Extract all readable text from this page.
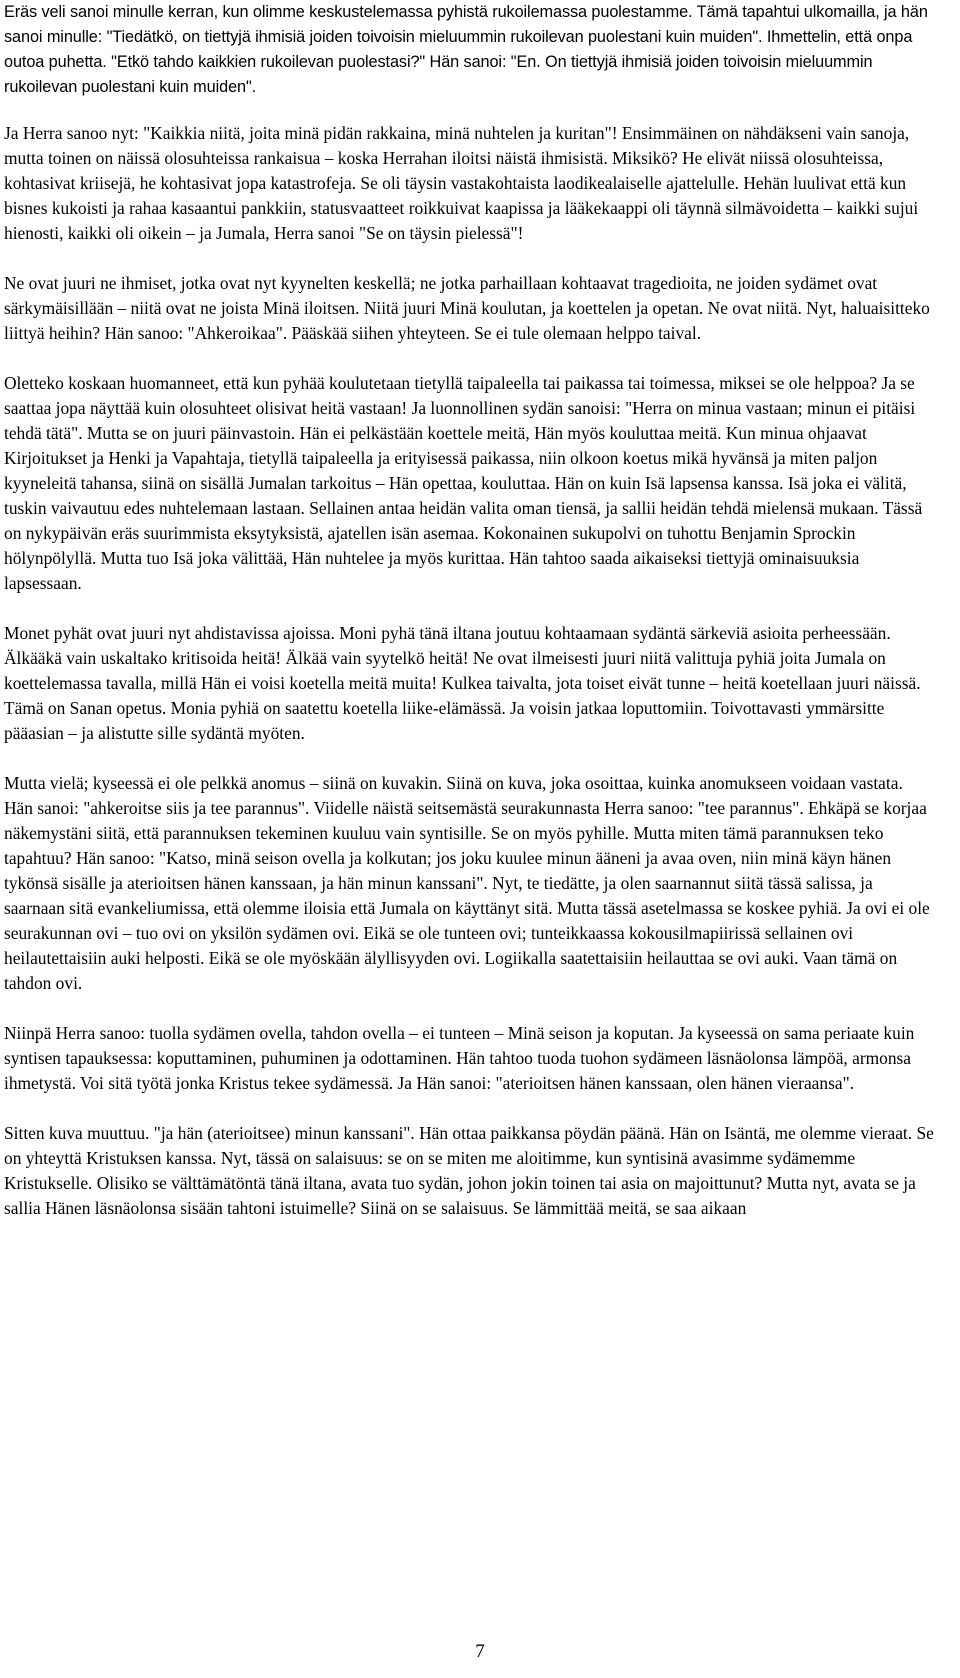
Eräs veli sanoi minulle kerran, kun olimme keskustelemassa pyhistä rukoilemassa puolestamme. Tämä tapahtui ulkomailla, ja hän sanoi minulle: "Tiedätkö, on tiettyjä ihmisiä joiden toivoisin mieluummin rukoilevan puolestani kuin muiden". Ihmettelin, että onpa outoa puhetta. "Etkö tahdo kaikkien rukoilevan puolestasi?" Hän sanoi: "En. On tiettyjä ihmisiä joiden toivoisin mieluummin rukoilevan puolestani kuin muiden".

Ja Herra sanoo nyt: "Kaikkia niitä, joita minä pidän rakkaina, minä nuhtelen ja kuritan"! Ensimmäinen on nähdäkseni vain sanoja, mutta toinen on näissä olosuhteissa rankaisua – koska Herrahan iloitsi näistä ihmisistä. Miksikö? He elivät niissä olosuhteissa, kohtasivat kriisejä, he kohtasivat jopa katastrofeja. Se oli täysin vastakohtaista laodikealaiselle ajattelulle. Hehän luulivat että kun bisnes kukoisti ja rahaa kasaantui pankkiin, statusvaatteet roikkuivat kaapissa ja lääkekaappi oli täynnä silmävoidetta – kaikki sujui hienosti, kaikki oli oikein – ja Jumala, Herra sanoi "Se on täysin pielessä"!

Ne ovat juuri ne ihmiset, jotka ovat nyt kyynelten keskellä; ne jotka parhaillaan kohtaavat tragedioita, ne joiden sydämet ovat särkymäisillään – niitä ovat ne joista Minä iloitsen. Niitä juuri Minä koulutan, ja koettelen ja opetan. Ne ovat niitä. Nyt, haluaisitteko liittyä heihin? Hän sanoo: "Ahkeroikaa". Pääskää siihen yhteyteen. Se ei tule olemaan helppo taival.

Oletteko koskaan huomanneet, että kun pyhää koulutetaan tietyllä taipaleella tai paikassa tai toimessa, miksei se ole helppoa? Ja se saattaa jopa näyttää kuin olosuhteet olisivat heitä vastaan! Ja luonnollinen sydän sanoisi: "Herra on minua vastaan; minun ei pitäisi tehdä tätä". Mutta se on juuri päinvastoin. Hän ei pelkästään koettele meitä, Hän myös kouluttaa meitä. Kun minua ohjaavat Kirjoitukset ja Henki ja Vapahtaja, tietyllä taipaleella ja erityisessä paikassa, niin olkoon koetus mikä hyvänsä ja miten paljon kyyneleitä tahansa, siinä on sisällä Jumalan tarkoitus – Hän opettaa, kouluttaa. Hän on kuin Isä lapsensa kanssa. Isä joka ei välitä, tuskin vaivautuu edes nuhtelemaan lastaan. Sellainen antaa heidän valita oman tiensä, ja sallii heidän tehdä mielensä mukaan. Tässä on nykypäivän eräs suurimmista eksytyksistä, ajatellen isän asemaa. Kokonainen sukupolvi on tuhottu Benjamin Sprockin hölynpölyllä. Mutta tuo Isä joka välittää, Hän nuhtelee ja myös kurittaa. Hän tahtoo saada aikaiseksi tiettyjä ominaisuuksia lapsessaan.

Monet pyhät ovat juuri nyt ahdistavissa ajoissa. Moni pyhä tänä iltana joutuu kohtaamaan sydäntä särkeviä asioita perheessään. Älkääkä vain uskaltako kritisoida heitä! Älkää vain syytelkö heitä! Ne ovat ilmeisesti juuri niitä valittuja pyhiä joita Jumala on koettelemassa tavalla, millä Hän ei voisi koetella meitä muita! Kulkea taivalta, jota toiset eivät tunne – heitä koetellaan juuri näissä. Tämä on Sanan opetus. Monia pyhiä on saatettu koetella liike-elämässä. Ja voisin jatkaa loputtomiin. Toivottavasti ymmärsitte pääasian – ja alistutte sille sydäntä myöten.

Mutta vielä; kyseessä ei ole pelkkä anomus – siinä on kuvakin. Siinä on kuva, joka osoittaa, kuinka anomukseen voidaan vastata. Hän sanoi: "ahkeroitse siis ja tee parannus". Viidelle näistä seitsemästä seurakunnasta Herra sanoo: "tee parannus". Ehkäpä se korjaa näkemystäni siitä, että parannuksen tekeminen kuuluu vain syntisille. Se on myös pyhille. Mutta miten tämä parannuksen teko tapahtuu? Hän sanoo: "Katso, minä seison ovella ja kolkutan; jos joku kuulee minun ääneni ja avaa oven, niin minä käyn hänen tykönsä sisälle ja aterioitsen hänen kanssaan, ja hän minun kanssani". Nyt, te tiedätte, ja olen saarnannut siitä tässä salissa, ja saarnaan sitä evankeliumissa, että olemme iloisia että Jumala on käyttänyt sitä. Mutta tässä asetelmassa se koskee pyhiä. Ja ovi ei ole seurakunnan ovi – tuo ovi on yksilön sydämen ovi. Eikä se ole tunteen ovi; tunteikkaassa kokousilmapiirissä sellainen ovi heilautettaisiin auki helposti. Eikä se ole myöskään älyllisyyden ovi. Logiikalla saatettaisiin heilauttaa se ovi auki. Vaan tämä on tahdon ovi.

Niinpä Herra sanoo: tuolla sydämen ovella, tahdon ovella – ei tunteen – Minä seison ja koputan. Ja kyseessä on sama periaate kuin syntisen tapauksessa: koputtaminen, puhuminen ja odottaminen. Hän tahtoo tuoda tuohon sydämeen läsnäolonsa lämpöä, armonsa ihmetystä. Voi sitä työtä jonka Kristus tekee sydämessä. Ja Hän sanoi: "aterioitsen hänen kanssaan, olen hänen vieraansa".

Sitten kuva muuttuu. "ja hän (aterioitsee) minun kanssani". Hän ottaa paikkansa pöydän päänä. Hän on Isäntä, me olemme vieraat. Se on yhteyttä Kristuksen kanssa. Nyt, tässä on salaisuus: se on se miten me aloitimme, kun syntisinä avasimme sydämemme Kristukselle. Olisiko se välttämätöntä tänä iltana, avata tuo sydän, johon jokin toinen tai asia on majoittunut? Mutta nyt, avata se ja sallia Hänen läsnäolonsa sisään tahtoni istuimelle? Siinä on se salaisuus. Se lämmittää meitä, se saa aikaan

7
